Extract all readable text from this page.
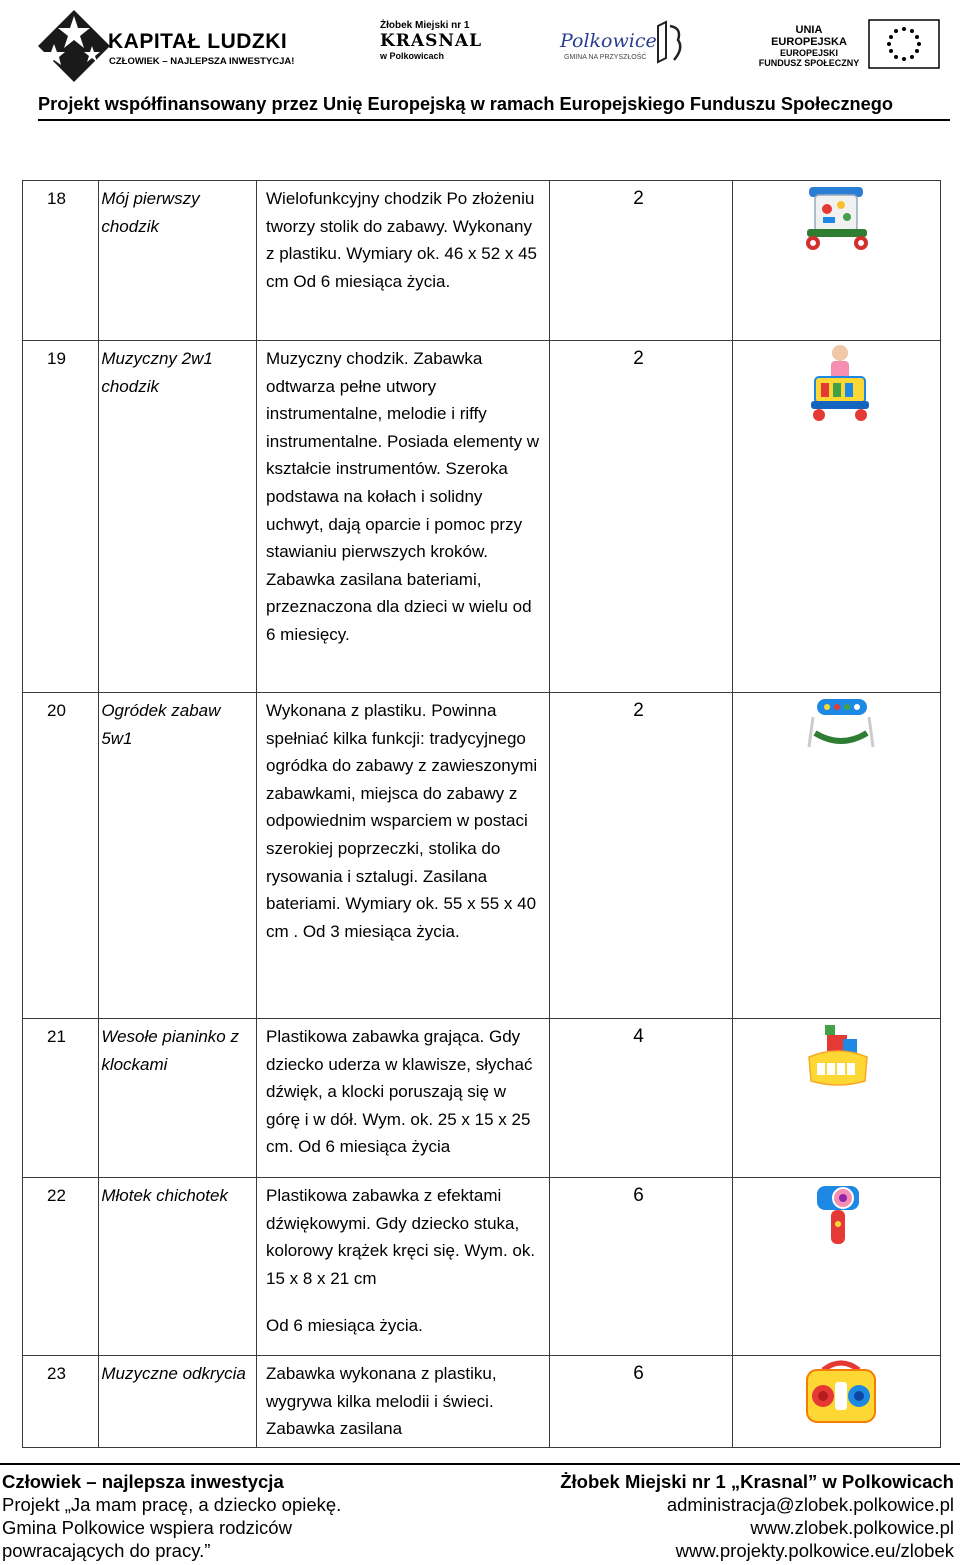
KAPITAŁ LUDZKI
CZŁOWIEK – NAJLEPSZA INWESTYCJA!
Żłobek Miejski nr 1
KRASNAL
w Polkowicach
Polkowice
GMINA NA PRZYSZŁOŚĆ
UNIA EUROPEJSKA
EUROPEJSKI
FUNDUSZ SPOŁECZNY
Projekt współfinansowany przez Unię Europejską w ramach Europejskiego Funduszu Społecznego
18	Mój pierwszy chodzik	Wielofunkcyjny chodzik Po złożeniu tworzy stolik do zabawy. Wykonany z plastiku. Wymiary ok. 46 x 52 x 45 cm Od 6 miesiąca życia.	2

19	Muzyczny 2w1 chodzik	Muzyczny chodzik. Zabawka odtwarza pełne utwory instrumentalne, melodie i riffy instrumentalne. Posiada elementy w kształcie instrumentów. Szeroka podstawa na kołach i solidny uchwyt, dają oparcie i pomoc przy stawianiu pierwszych kroków. Zabawka zasilana bateriami, przeznaczona dla dzieci w wielu od 6 miesięcy.	2

20	Ogródek zabaw 5w1	Wykonana z plastiku. Powinna spełniać kilka funkcji: tradycyjnego ogródka do zabawy z zawieszonymi zabawkami, miejsca do zabawy z odpowiednim wsparciem w postaci szerokiej poprzeczki, stolika do rysowania i sztalugi. Zasilana bateriami. Wymiary ok. 55 x 55 x 40 cm . Od 3 miesiąca życia.	2

21	Wesołe pianinko z klockami	Plastikowa zabawka grająca. Gdy dziecko uderza w klawisze, słychać dźwięk, a klocki poruszają się w górę i w dół. Wym. ok. 25 x 15 x 25 cm. Od 6 miesiąca życia	4

22	Młotek chichotek	Plastikowa zabawka z efektami dźwiękowymi. Gdy dziecko stuka, kolorowy krążek kręci się. Wym. ok. 15 x 8 x 21 cm
Od 6 miesiąca życia.	6

23	Muzyczne odkrycia	Zabawka wykonana z plastiku, wygrywa kilka melodii i świeci. Zabawka zasilana	6

Człowiek – najlepsza inwestycja
Projekt „Ja mam pracę, a dziecko opiekę.
Gmina Polkowice wspiera rodziców
powracających do pracy.”
Żłobek Miejski nr 1 „Krasnal” w Polkowicach
administracja@zlobek.polkowice.pl
www.zlobek.polkowice.pl
www.projekty.polkowice.eu/zlobek
